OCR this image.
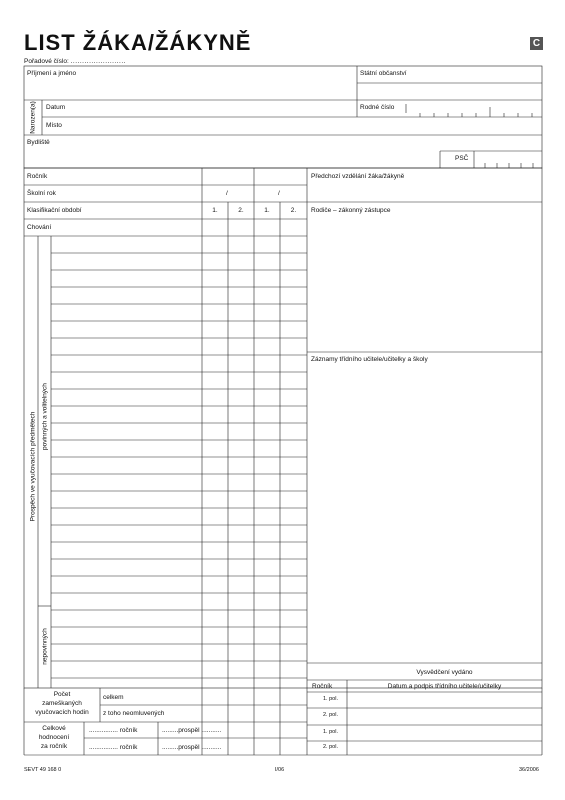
LIST ŽÁKA/ŽÁKYNĚ	C
Pořadové číslo: ........................
Příjmení a jméno	Státní občanství
Narozen(a) Datum	Rodné číslo
Místo
Bydliště
PSČ
Ročník
Školní rok	/	/
Klasifikační období	1.	2.	1.	2.
Chování
Předchozí vzdělání žáka/žákyně
Rodiče – zákonný zástupce
Záznamy třídního učitele/učitelky a školy
Prospěch ve vyučovacích předmětech povinných a volitelných
nepovinných
Vysvědčení vydáno
Ročník	Datum a podpis třídního učitele/učitelky
1. pol.
2. pol.
1. pol.
2. pol.
Počet
zameškaných
vyučovacích hodin
celkem
z toho neomluvených
Celkové
hodnocení
za ročník
................ ročník	.........prospěl ...........
................ ročník	.........prospěl ...........
SEVT 49 168 0	I/06	36/2006
